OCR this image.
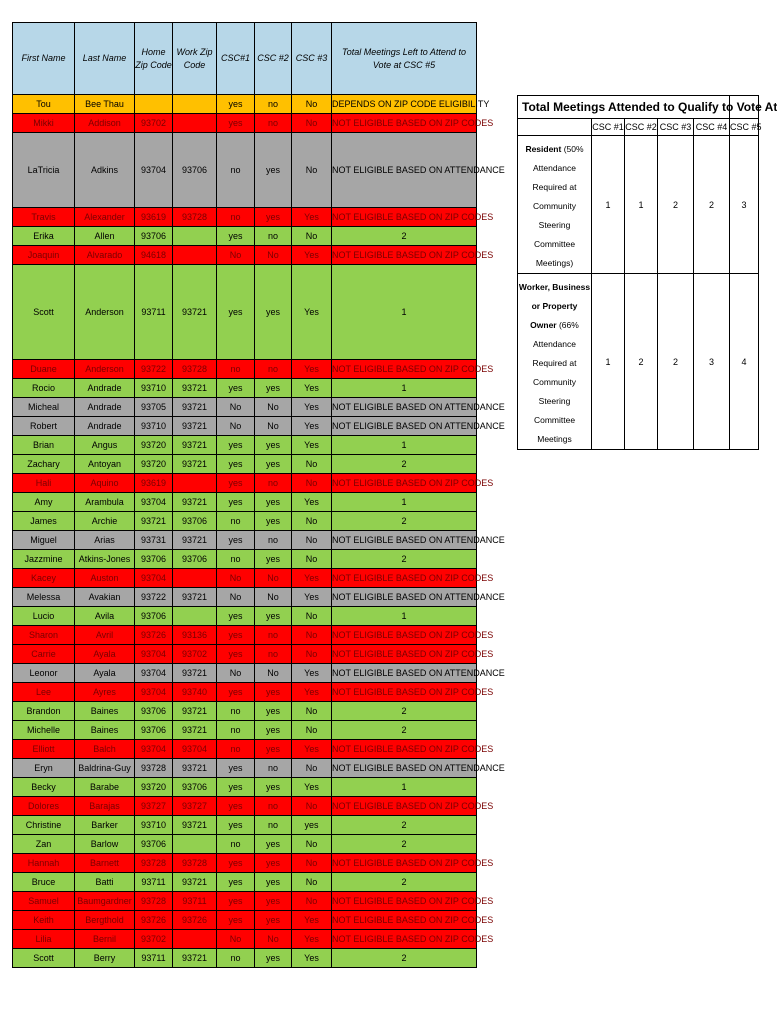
First Name	Last Name	Home Zip Code	Work Zip Code	CSC#1	CSC #2	CSC #3	Total Meetings Left to Attend to Vote at CSC #5
Tou	Bee Thau			yes	no	No	DEPENDS ON ZIP CODE ELIGIBILITY
Mikki	Addison	93702		yes	no	No	NOT ELIGIBLE BASED ON ZIP CODES
LaTricia	Adkins	93704	93706	no	yes	No	NOT ELIGIBLE BASED ON ATTENDANCE
Travis	Alexander	93619	93728	no	yes	Yes	NOT ELIGIBLE BASED ON ZIP CODES
Erika	Allen	93706		yes	no	No	2
Joaquin	Alvarado	94618		No	No	Yes	NOT ELIGIBLE BASED ON ZIP CODES
Scott	Anderson	93711	93721	yes	yes	Yes	1
Duane	Anderson	93722	93728	no	no	Yes	NOT ELIGIBLE BASED ON ZIP CODES
Rocio	Andrade	93710	93721	yes	yes	Yes	1
Micheal	Andrade	93705	93721	No	No	Yes	NOT ELIGIBLE BASED ON ATTENDANCE
Robert	Andrade	93710	93721	No	No	Yes	NOT ELIGIBLE BASED ON ATTENDANCE
Brian	Angus	93720	93721	yes	yes	Yes	1
Zachary	Antoyan	93720	93721	yes	yes	No	2
Hali	Aquino	93619		yes	no	No	NOT ELIGIBLE BASED ON ZIP CODES
Amy	Arambula	93704	93721	yes	yes	Yes	1
James	Archie	93721	93706	no	yes	No	2
Miguel	Arias	93731	93721	yes	no	No	NOT ELIGIBLE BASED ON ATTENDANCE
Jazzmine	Atkins-Jones	93706	93706	no	yes	No	2
Kacey	Auston	93704		No	No	Yes	NOT ELIGIBLE BASED ON ZIP CODES
Melessa	Avakian	93722	93721	No	No	Yes	NOT ELIGIBLE BASED ON ATTENDANCE
Lucio	Avila	93706		yes	yes	No	1
Sharon	Avril	93726	93136	yes	no	No	NOT ELIGIBLE BASED ON ZIP CODES
Carrie	Ayala	93704	93702	yes	no	No	NOT ELIGIBLE BASED ON ZIP CODES
Leonor	Ayala	93704	93721	No	No	Yes	NOT ELIGIBLE BASED ON ATTENDANCE
Lee	Ayres	93704	93740	yes	yes	Yes	NOT ELIGIBLE BASED ON ZIP CODES
Brandon	Baines	93706	93721	no	yes	No	2
Michelle	Baines	93706	93721	no	yes	No	2
Elliott	Balch	93704	93704	no	yes	Yes	NOT ELIGIBLE BASED ON ZIP CODES
Eryn	Baldrina-Guy	93728	93721	yes	no	No	NOT ELIGIBLE BASED ON ATTENDANCE
Becky	Barabe	93720	93706	yes	yes	Yes	1
Dolores	Barajas	93727	93727	yes	no	No	NOT ELIGIBLE BASED ON ZIP CODES
Christine	Barker	93710	93721	yes	no	yes	2
Zan	Barlow	93706		no	yes	No	2
Hannah	Barnett	93728	93728	yes	yes	No	NOT ELIGIBLE BASED ON ZIP CODES
Bruce	Batti	93711	93721	yes	yes	No	2
Samuel	Baumgardner	93728	93711	yes	yes	No	NOT ELIGIBLE BASED ON ZIP CODES
Keith	Bergthold	93726	93726	yes	yes	Yes	NOT ELIGIBLE BASED ON ZIP CODES
Lilia	Bernil	93702		No	No	Yes	NOT ELIGIBLE BASED ON ZIP CODES
Scott	Berry	93711	93721	no	yes	Yes	2
Total Meetings Attended to Qualify to Vote At					
	CSC #1	CSC #2	CSC #3	CSC #4	CSC #5
Resident (50% Attendance Required at Community Steering Committee Meetings)	1	1	2	2	3
Worker, Business or Property Owner (66% Attendance Required at Community Steering Committee Meetings	1	2	2	3	4
